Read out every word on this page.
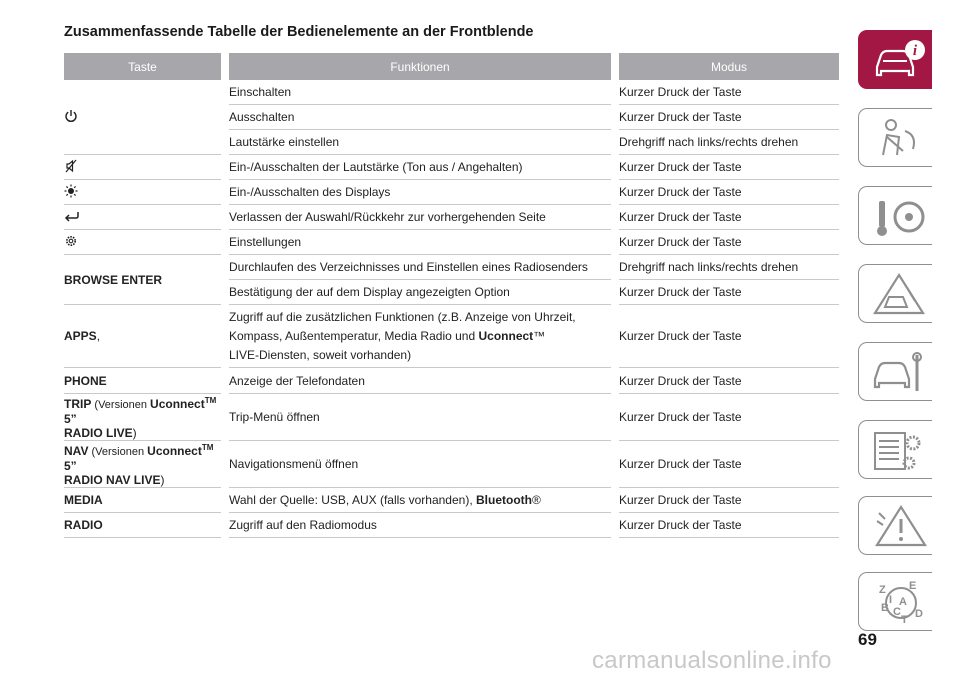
Zusammenfassende Tabelle der Bedienelemente an der Frontblende
Taste		Funktionen		Modus
		Einschalten		Kurzer Druck der Taste
		Ausschalten		Kurzer Druck der Taste
		Lautstärke einstellen		Drehgriff nach links/rechts drehen
		Ein-/Ausschalten der Lautstärke (Ton aus / Angehalten)		Kurzer Druck der Taste
		Ein-/Ausschalten des Displays		Kurzer Druck der Taste
		Verlassen der Auswahl/Rückkehr zur vorhergehenden Seite		Kurzer Druck der Taste
		Einstellungen		Kurzer Druck der Taste
BROWSE ENTER		Durchlaufen des Verzeichnisses und Einstellen eines Radiosenders		Drehgriff nach links/rechts drehen
		Bestätigung der auf dem Display angezeigten Option		Kurzer Druck der Taste
APPS,		Zugriff auf die zusätzlichen Funktionen (z.B. Anzeige von Uhrzeit,
Kompass, Außentemperatur, Media Radio und Uconnect™
LIVE-Diensten, soweit vorhanden)		Kurzer Druck der Taste
PHONE		Anzeige der Telefondaten		Kurzer Druck der Taste

TRIP (Versionen Uconnect™ 5”
RADIO LIVE)		Trip-Menü öffnen		Kurzer Druck der Taste

NAV (Versionen Uconnect™ 5”
RADIO NAV LIVE)		Navigationsmenü öffnen		Kurzer Druck der Taste
MEDIA		Wahl der Quelle: USB, AUX (falls vorhanden), Bluetooth®		Kurzer Druck der Taste
RADIO		Zugriff auf den Radiomodus		Kurzer Druck der Taste
i
Z E
A
B C D
T
I
69
carmanualsonline.info
